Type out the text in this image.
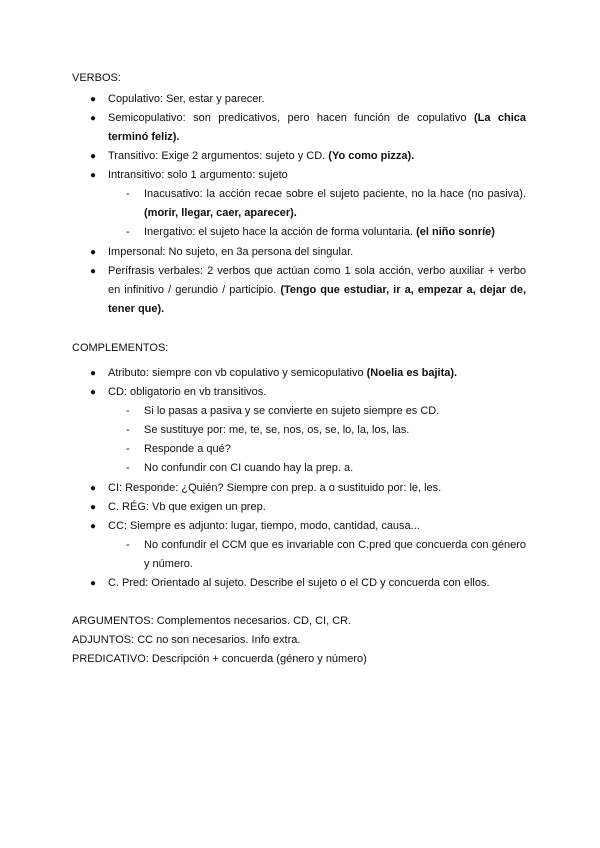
VERBOS:
● Copulativo: Ser, estar y parecer.
● Semicopulativo: son predicativos, pero hacen función de copulativo (La chica terminó feliz).
● Transitivo: Exige 2 argumentos: sujeto y CD. (Yo como pizza).
● Intransitivo: solo 1 argumento: sujeto
- Inacusativo: la acción recae sobre el sujeto paciente, no la hace (no pasiva). (morir, llegar, caer, aparecer).
- Inergativo: el sujeto hace la acción de forma voluntaria. (el niño sonríe)
● Impersonal: No sujeto, en 3a persona del singular.
● Perífrasis verbales: 2 verbos que actúan como 1 sola acción, verbo auxiliar + verbo en infinitivo / gerundio / participio. (Tengo que estudiar, ir a, empezar a, dejar de, tener que).
COMPLEMENTOS:
● Atributo: siempre con vb copulativo y semicopulativo (Noelia es bajita).
● CD: obligatorio en vb transitivos.
- Si lo pasas a pasiva y se convierte en sujeto siempre es CD.
- Se sustituye por: me, te, se, nos, os, se, lo, la, los, las.
- Responde a qué?
- No confundir con CI cuando hay la prep. a.
● CI: Responde: ¿Quién? Siempre con prep. a o sustituido por: le, les.
● C. RÉG: Vb que exigen un prep.
● CC: Siempre es adjunto: lugar, tiempo, modo, cantidad, causa...
- No confundir el CCM que es invariable con C.pred que concuerda con género y número.
● C. Pred: Orientado al sujeto. Describe el sujeto o el CD y concuerda con ellos.
ARGUMENTOS: Complementos necesarios. CD, CI, CR.
ADJUNTOS: CC no son necesarios. Info extra.
PREDICATIVO: Descripción + concuerda (género y número)
